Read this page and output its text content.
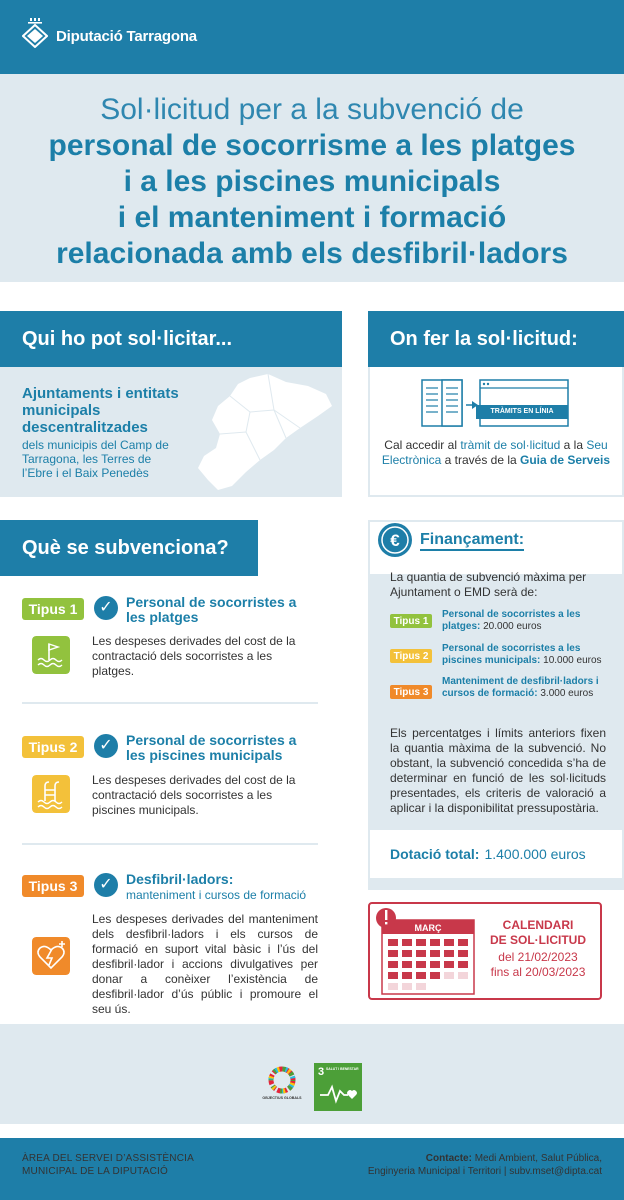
Diputació Tarragona
Sol·licitud per a la subvenció de
personal de socorrisme a les platges
i a les piscines municipals
i el manteniment i formació
relacionada amb els desfibril·ladors
Qui ho pot sol·licitar...
Ajuntaments i entitats municipals descentralitzades
dels municipis del Camp de Tarragona, les Terres de l’Ebre i el Baix Penedès
On fer la sol·licitud:
TRÀMITS EN LÍNIA
Cal accedir al tràmit de sol·licitud a la Seu Electrònica a través de la Guia de Serveis
Què se subvenciona?
Tipus 1	✓ Personal de socorristes a les platges
Les despeses derivades del cost de la contractació dels socorristes a les platges.
Tipus 2	✓ Personal de socorristes a les piscines municipals
Les despeses derivades del cost de la contractació dels socorristes a les piscines municipals.
Tipus 3	✓ Desfibril·ladors:
manteniment i cursos de formació
Les despeses derivades del manteniment dels desfibril·ladors i els cursos de formació en suport vital bàsic i l’ús del desfibril·lador i accions divulgatives per donar a conèixer l’existència de desfibril·lador d’ús públic i promoure el seu ús.
€ Finançament:
La quantia de subvenció màxima per Ajuntament o EMD serà de:
Tipus 1
Personal de socorristes a les platges: 20.000 euros
Tipus 2
Personal de socorristes a les piscines municipals: 10.000 euros
Tipus 3
Manteniment de desfibril·ladors i cursos de formació: 3.000 euros
Els percentatges i límits anteriors fixen la quantia màxima de la subvenció. No obstant, la subvenció concedida s’ha de determinar en funció de les sol·licituds presentades, els criteris de valoració a aplicar i la disponibilitat pressupostària.
Dotació total: 1.400.000 euros
MARÇ	CALENDARI
DE SOL·LICITUD
del 21/02/2023
fins al 20/03/2023
OBJECTIUS GLOBALS
3 SALUT I BENESTAR
ÀREA DEL SERVEI D’ASSISTÈNCIA
MUNICIPAL DE LA DIPUTACIÓ
Contacte: Medi Ambient, Salut Pública,
Enginyeria Municipal i Territori | subv.mset@dipta.cat
